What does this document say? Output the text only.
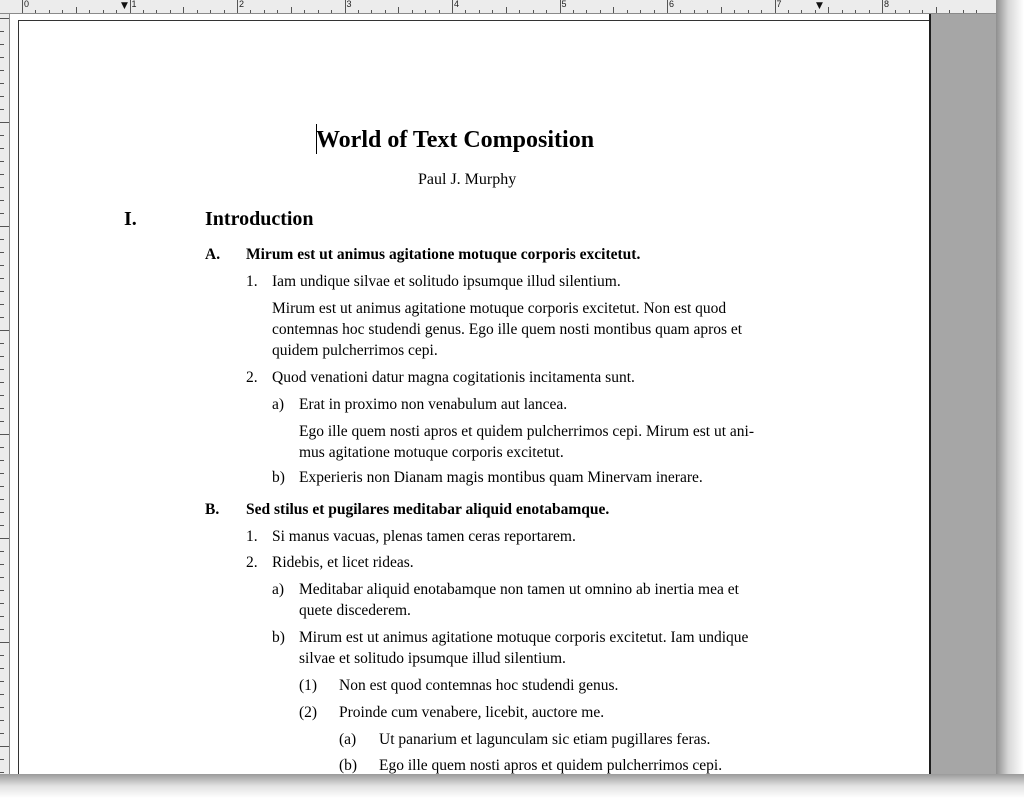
0	1	2	3	4	5	6	7	8
▼	▼
World of Text Composition
Paul J. Murphy
I.	Introduction
A. Mirum est ut animus agitatione motuque corporis excitetut.
1. Iam undique silvae et solitudo ipsumque illud silentium.
Mirum est ut animus agitatione motuque corporis excitetut. Non est quod
contemnas hoc studendi genus. Ego ille quem nosti montibus quam apros et
quidem pulcherrimos cepi.
2. Quod venationi datur magna cogitationis incitamenta sunt.
a) Erat in proximo non venabulum aut lancea.
Ego ille quem nosti apros et quidem pulcherrimos cepi. Mirum est ut ani-
mus agitatione motuque corporis excitetut.
b) Experieris non Dianam magis montibus quam Minervam inerare.
B. Sed stilus et pugilares meditabar aliquid enotabamque.
1. Si manus vacuas, plenas tamen ceras reportarem.
2. Ridebis, et licet rideas.
a) Meditabar aliquid enotabamque non tamen ut omnino ab inertia mea et
quete discederem.
b) Mirum est ut animus agitatione motuque corporis excitetut. Iam undique
silvae et solitudo ipsumque illud silentium.
(1) Non est quod contemnas hoc studendi genus.
(2) Proinde cum venabere, licebit, auctore me.
(a) Ut panarium et lagunculam sic etiam pugillares feras.
(b) Ego ille quem nosti apros et quidem pulcherrimos cepi.
